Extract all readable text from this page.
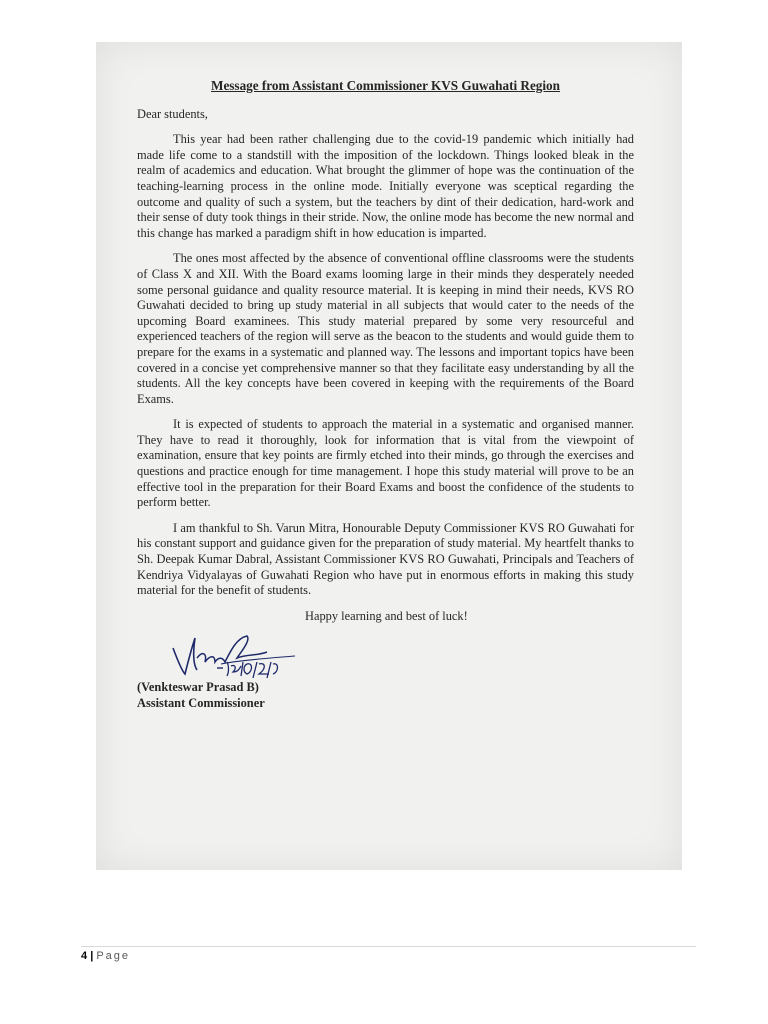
Message from Assistant Commissioner KVS Guwahati Region
Dear students,
This year had been rather challenging due to the covid-19 pandemic which initially had made life come to a standstill with the imposition of the lockdown. Things looked bleak in the realm of academics and education. What brought the glimmer of hope was the continuation of the teaching-learning process in the online mode. Initially everyone was sceptical regarding the outcome and quality of such a system, but the teachers by dint of their dedication, hard-work and their sense of duty took things in their stride. Now, the online mode has become the new normal and this change has marked a paradigm shift in how education is imparted.
The ones most affected by the absence of conventional offline classrooms were the students of Class X and XII. With the Board exams looming large in their minds they desperately needed some personal guidance and quality resource material. It is keeping in mind their needs, KVS RO Guwahati decided to bring up study material in all subjects that would cater to the needs of the upcoming Board examinees. This study material prepared by some very resourceful and experienced teachers of the region will serve as the beacon to the students and would guide them to prepare for the exams in a systematic and planned way. The lessons and important topics have been covered in a concise yet comprehensive manner so that they facilitate easy understanding by all the students. All the key concepts have been covered in keeping with the requirements of the Board Exams.
It is expected of students to approach the material in a systematic and organised manner. They have to read it thoroughly, look for information that is vital from the viewpoint of examination, ensure that key points are firmly etched into their minds, go through the exercises and questions and practice enough for time management. I hope this study material will prove to be an effective tool in the preparation for their Board Exams and boost the confidence of the students to perform better.
I am thankful to Sh. Varun Mitra, Honourable Deputy Commissioner KVS RO Guwahati for his constant support and guidance given for the preparation of study material. My heartfelt thanks to Sh. Deepak Kumar Dabral, Assistant Commissioner KVS RO Guwahati, Principals and Teachers of Kendriya Vidyalayas of Guwahati Region who have put in enormous efforts in making this study material for the benefit of students.
Happy learning and best of luck!
(Venkteswar Prasad B)
Assistant Commissioner
4 | Page
